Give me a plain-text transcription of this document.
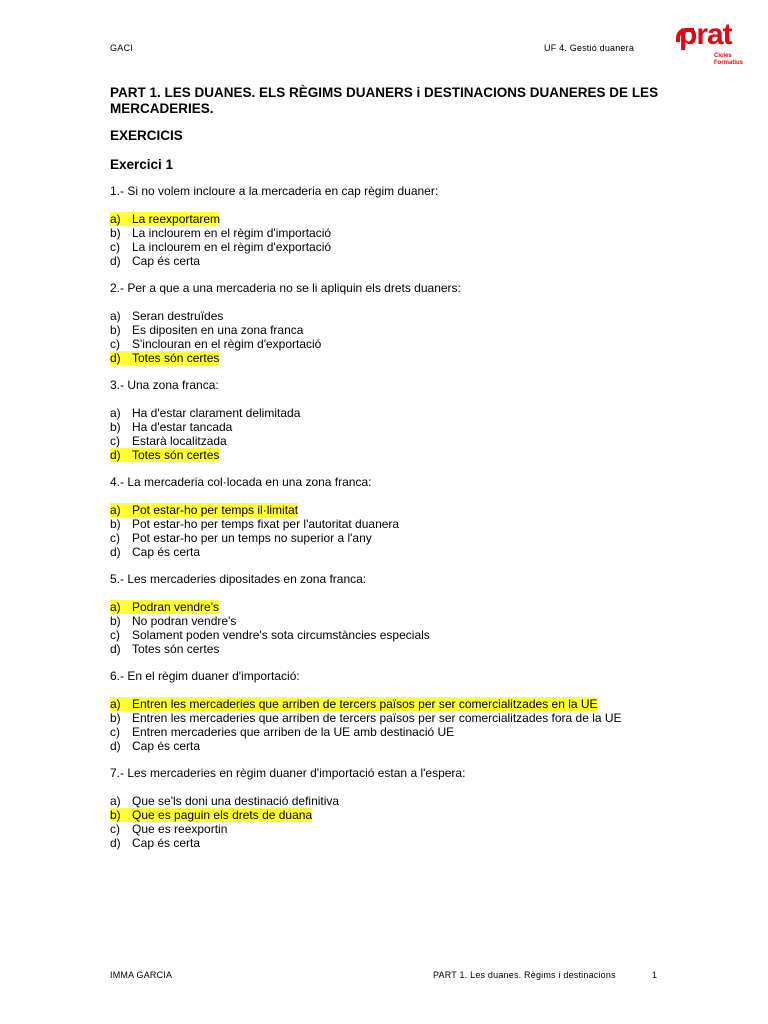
GACI	UF 4. Gestió duanera prat
Cicles
Formatius
PART 1. LES DUANES. ELS RÈGIMS DUANERS i DESTINACIONS DUANERES DE LES MERCADERIES.
EXERCICIS
Exercici 1
1.- Si no volem incloure a la mercaderia en cap règim duaner:
a) La reexportarem
b) La inclourem en el règim d'importació
c)	La inclourem en el règim d'exportació
d) Cap és certa
2.- Per a que a una mercaderia no se li apliquin els drets duaners:
a) Seran destruïdes
b) Es dipositen en una zona franca
c)	S'inclouran en el règim d'exportació
d) Totes són certes
3.- Una zona franca:
a) Ha d'estar clarament delimitada
b) Ha d'estar tancada
c)	Estarà localitzada
d) Totes són certes
4.- La mercaderia col·locada en una zona franca:
a) Pot estar-ho per temps il·limitat
b) Pot estar-ho per temps fixat per l'autoritat duanera
c)	Pot estar-ho per un temps no superior a l'any
d) Cap és certa
5.- Les mercaderies dipositades en zona franca:
a) Podran vendre's
b) No podran vendre's
c)	Solament poden vendre's sota circumstàncies especials
d) Totes són certes
6.- En el règim duaner d'importació:
a) Entren les mercaderies que arriben de tercers països per ser comercialitzades en la UE
b) Entren les mercaderies que arriben de tercers països per ser comercialitzades fora de la UE
c)	Entren mercaderies que arriben de la UE amb destinació UE
d) Cap és certa
7.- Les mercaderies en règim duaner d'importació estan a l'espera:
a) Que se'ls doni una destinació definitiva
b) Que es paguin els drets de duana
c)	Que es reexportin
d) Cap és certa
IMMA GARCIA	PART 1. Les duanes. Règims i destinacions	1
